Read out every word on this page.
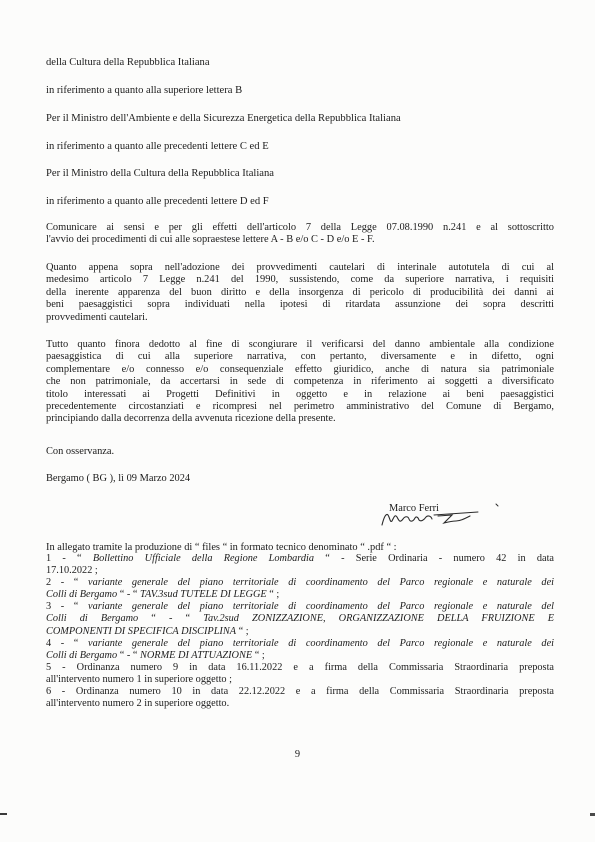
della Cultura della Repubblica Italiana
in riferimento a quanto alla superiore lettera B
Per il Ministro dell'Ambiente e della Sicurezza Energetica della Repubblica Italiana
in riferimento a quanto alle precedenti lettere C ed E
Per il Ministro della Cultura della Repubblica Italiana
in riferimento a quanto alle precedenti lettere D ed F

Comunicare ai sensi e per gli effetti dell'articolo 7 della Legge 07.08.1990 n.241 e al sottoscritto
l'avvio dei procedimenti di cui alle sopraestese lettere A - B e/o C - D e/o E - F.

Quanto appena sopra nell'adozione dei provvedimenti cautelari di interinale autotutela di cui al
medesimo articolo 7 Legge n.241 del 1990, sussistendo, come da superiore narrativa, i requisiti
della inerente apparenza del buon diritto e della insorgenza di pericolo di producibilità dei danni ai
beni paesaggistici sopra individuati nella ipotesi di ritardata assunzione dei sopra descritti
provvedimenti cautelari.

Tutto quanto finora dedotto al fine di scongiurare il verificarsi del danno ambientale alla condizione
paesaggistica di cui alla superiore narrativa, con pertanto, diversamente e in difetto, ogni
complementare e/o connesso e/o consequenziale effetto giuridico, anche di natura sia patrimoniale
che non patrimoniale, da accertarsi in sede di competenza in riferimento ai soggetti a diversificato
titolo interessati ai Progetti Definitivi in oggetto e in relazione ai beni paesaggistici
precedentemente circostanziati e ricompresi nel perimetro amministrativo del Comune di Bergamo,
principiando dalla decorrenza della avvenuta ricezione della presente.

Con osservanza.
Bergamo ( BG ), lì 09 Marzo 2024
Marco Ferri
In allegato tramite la produzione di “ files “ in formato tecnico denominato “ .pdf “ :
1 - “ Bollettino Ufficiale della Regione Lombardia “ - Serie Ordinaria - numero 42 in data
17.10.2022 ;
2 - “ variante generale del piano territoriale di coordinamento del Parco regionale e naturale dei
Colli di Bergamo “ - “ TAV.3sud TUTELE DI LEGGE “ ;
3 - “ variante generale del piano territoriale di coordinamento del Parco regionale e naturale del
Colli di Bergamo “ - “ Tav.2sud ZONIZZAZIONE, ORGANIZZAZIONE DELLA FRUIZIONE E
COMPONENTI DI SPECIFICA DISCIPLINA “ ;
4 - “ variante generale del piano territoriale di coordinamento del Parco regionale e naturale dei
Colli di Bergamo “ - “ NORME DI ATTUAZIONE “ ;
5 - Ordinanza numero 9 in data 16.11.2022 e a firma della Commissaria Straordinaria preposta
all'intervento numero 1 in superiore oggetto ;
6 - Ordinanza numero 10 in data 22.12.2022 e a firma della Commissaria Straordinaria preposta
all'intervento numero 2 in superiore oggetto.
9
